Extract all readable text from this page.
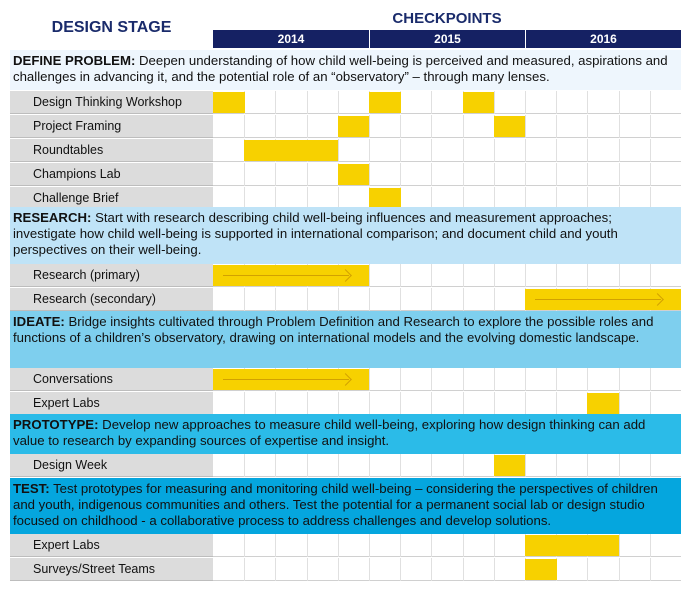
DESIGN STAGE
CHECKPOINTS
2014	2015	2016
DEFINE PROBLEM: Deepen understanding of how child well-being is perceived and measured, aspirations and challenges in advancing it, and the potential role of an “observatory” – through many lenses.
Design Thinking Workshop
Project Framing
Roundtables
Champions Lab
Challenge Brief
RESEARCH: Start with research describing child well-being influences and measurement approaches; investigate how child well-being is supported in international comparison; and document child and youth perspectives on their well-being.
Research (primary)
Research (secondary)
IDEATE: Bridge insights cultivated through Problem Definition and Research to explore the possible roles and functions of a children’s observatory, drawing on international models and the evolving domestic landscape.
Conversations
Expert Labs
PROTOTYPE: Develop new approaches to measure child well-being, exploring how design thinking can add value to research by expanding sources of expertise and insight.
Design Week
TEST: Test prototypes for measuring and monitoring child well-being – considering the perspectives of children and youth, indigenous communities and others. Test the potential for a permanent social lab or design studio focused on childhood - a collaborative process to address challenges and develop solutions.
Expert Labs
Surveys/Street Teams
